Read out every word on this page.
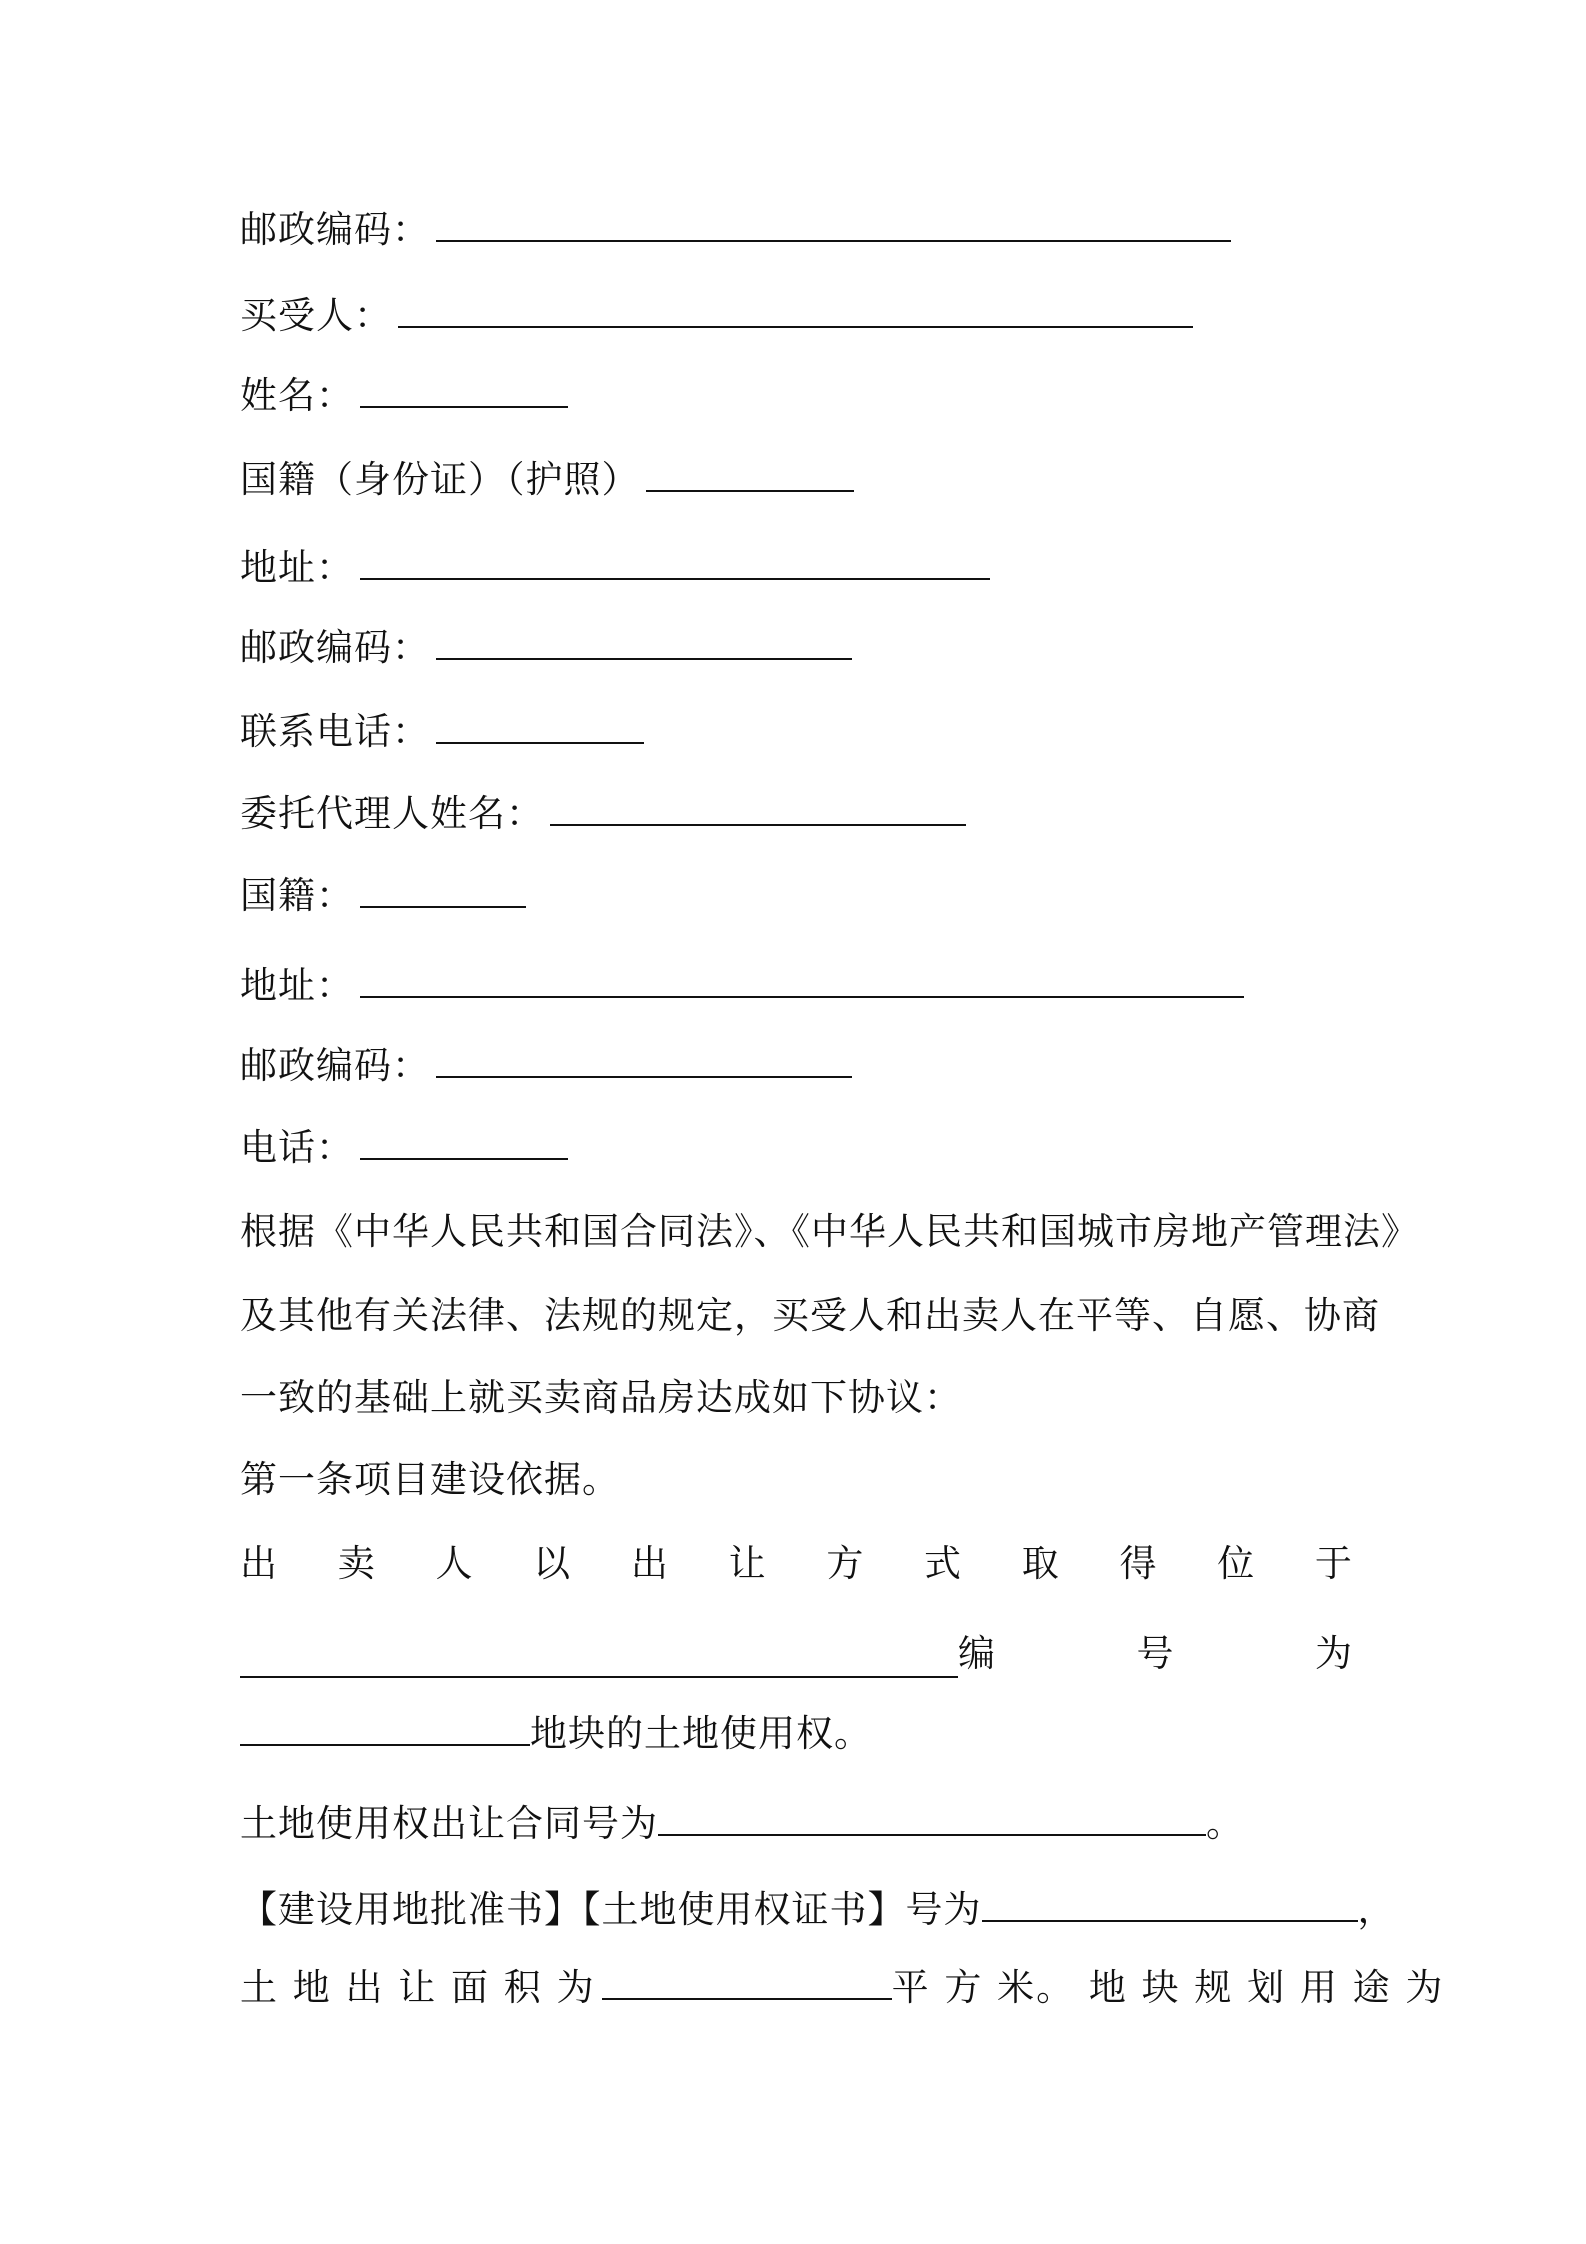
邮政编码：
买受人：
姓名：
国籍（身份证）（护照）
地址：
邮政编码：
联系电话：
委托代理人姓名：
国籍：
地址：
邮政编码：
电话：
根据《中华人民共和国合同法》、《中华人民共和国城市房地产管理法》
及其他有关法律、法规的规定，买受人和出卖人在平等、自愿、协商
一致的基础上就买卖商品房达成如下协议：
第一条项目建设依据。
出 卖 人 以 出 让 方 式 取 得 位 于
编	号	为
地块的土地使用权。
土地使用权出让合同号为	。
【建设用地批准书】【土地使用权证书】号为	，
土 地 出 让 面 积 为	平 方 米。 地 块 规 划 用 途 为
